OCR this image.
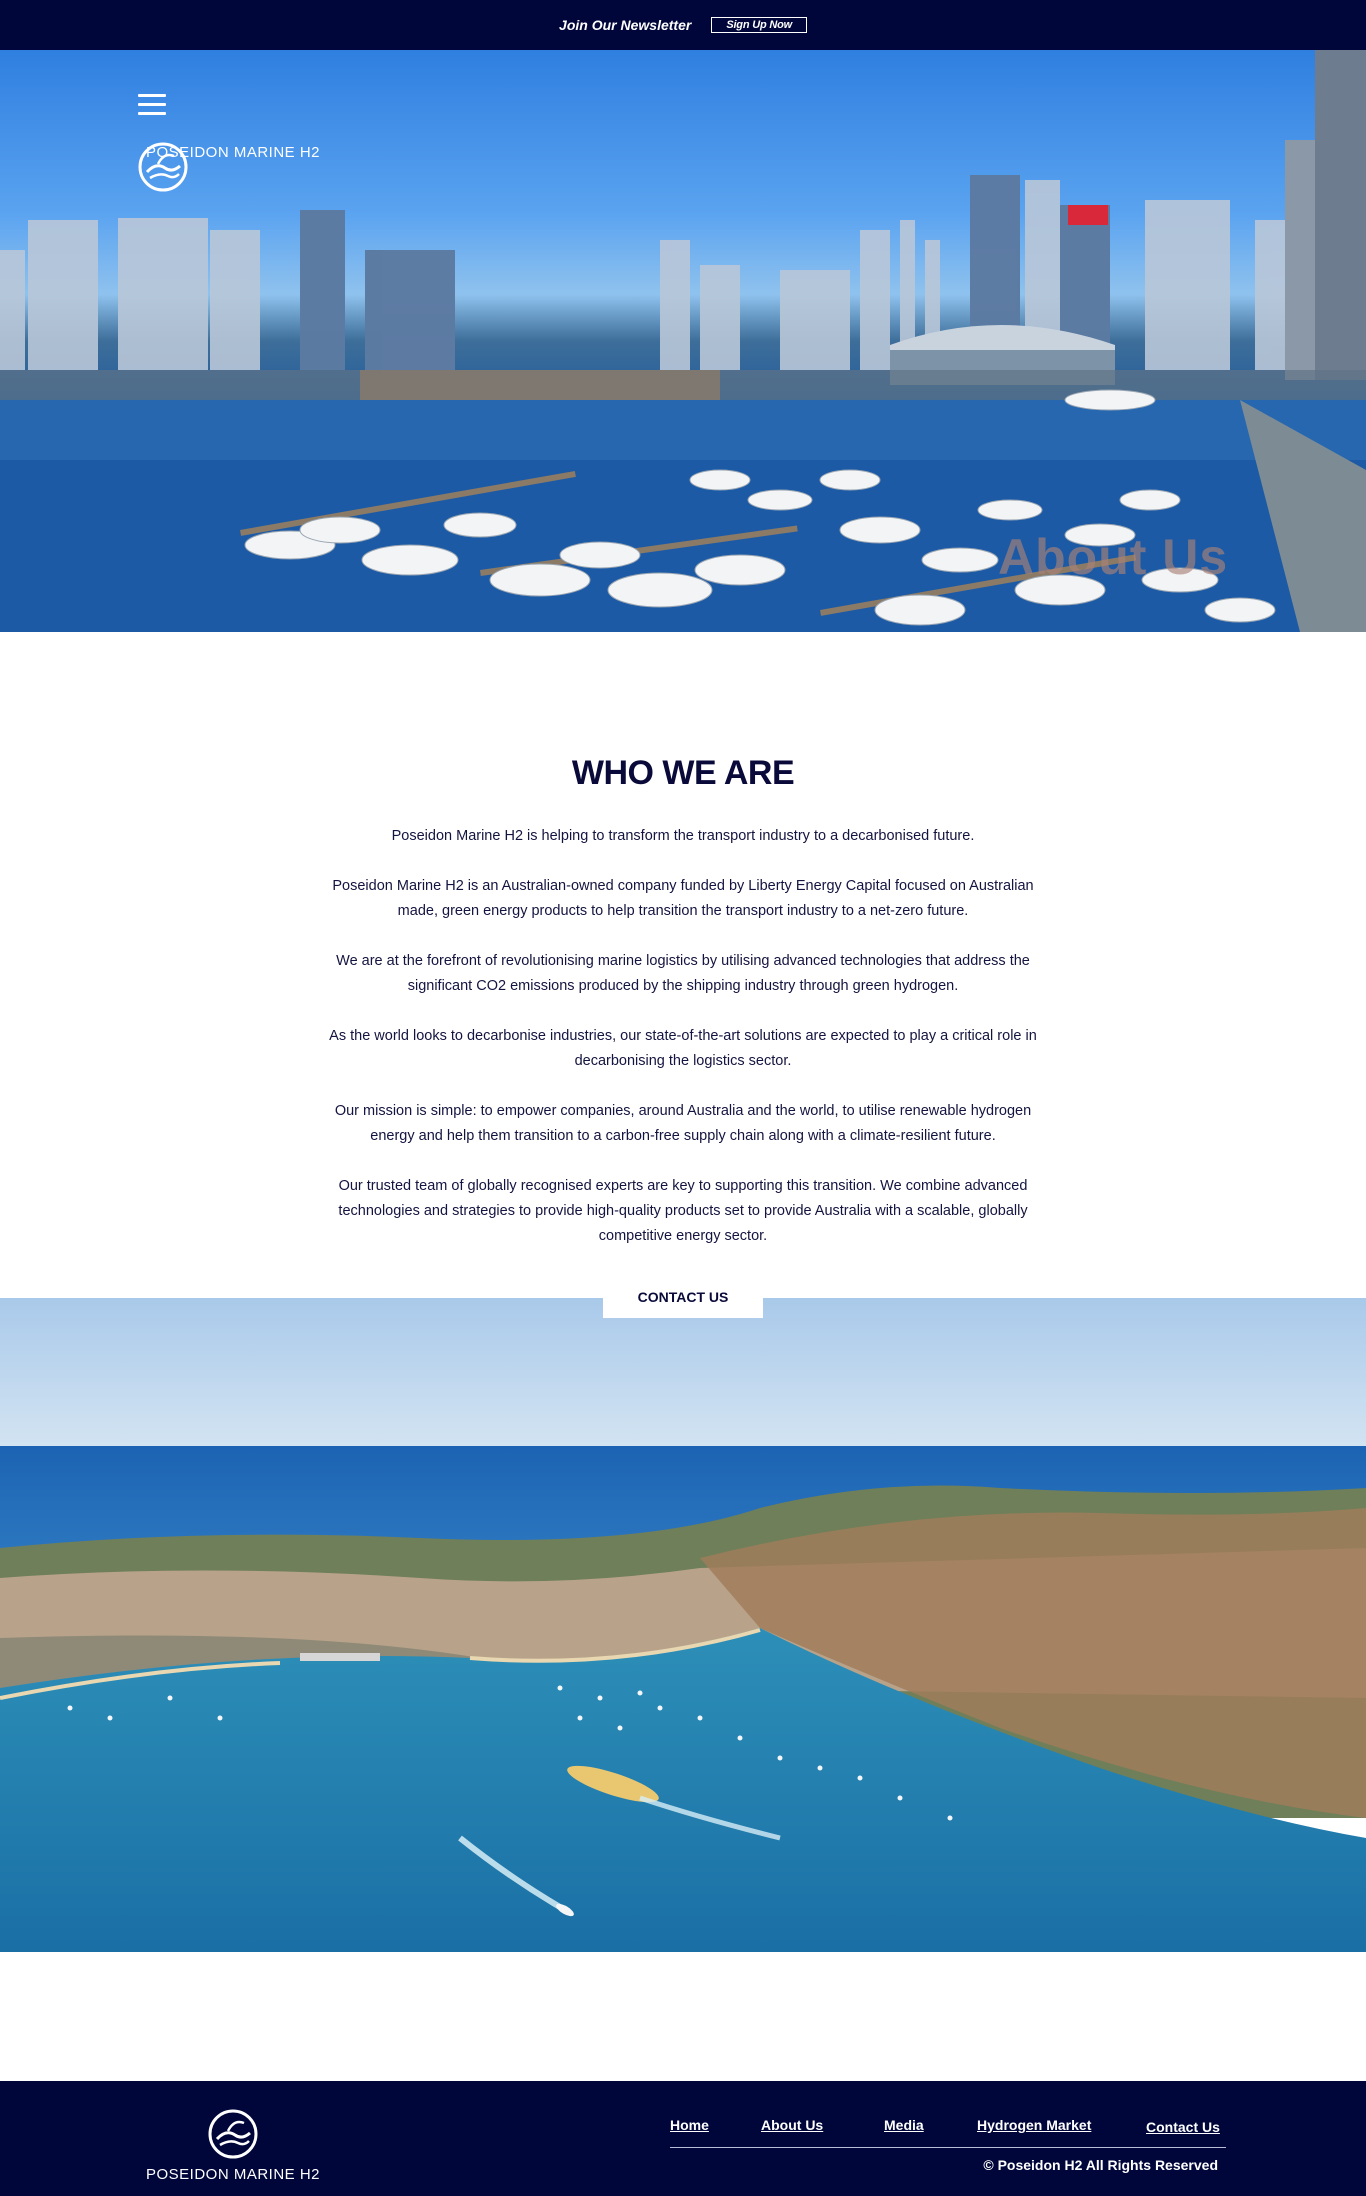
Join Our Newsletter	Sign Up Now
POSEIDON MARINE H2
About Us
WHO WE ARE

Poseidon Marine H2 is helping to transform the transport industry to a decarbonised future.

Poseidon Marine H2 is an Australian-owned company funded by Liberty Energy Capital focused on Australian made, green energy products to help transition the transport industry to a net-zero future.

We are at the forefront of revolutionising marine logistics by utilising advanced technologies that address the significant CO2 emissions produced by the shipping industry through green hydrogen.

As the world looks to decarbonise industries, our state-of-the-art solutions are expected to play a critical role in decarbonising the logistics sector.

Our mission is simple: to empower companies, around Australia and the world, to utilise renewable hydrogen energy and help them transition to a carbon-free supply chain along with a climate-resilient future.

Our trusted team of globally recognised experts are key to supporting this transition. We combine advanced technologies and strategies to provide high-quality products set to provide Australia with a scalable, globally competitive energy sector.

CONTACT US
POSEIDON MARINE H2
Home	About Us	Media	Hydrogen Market	Contact Us
© Poseidon H2 All Rights Reserved
